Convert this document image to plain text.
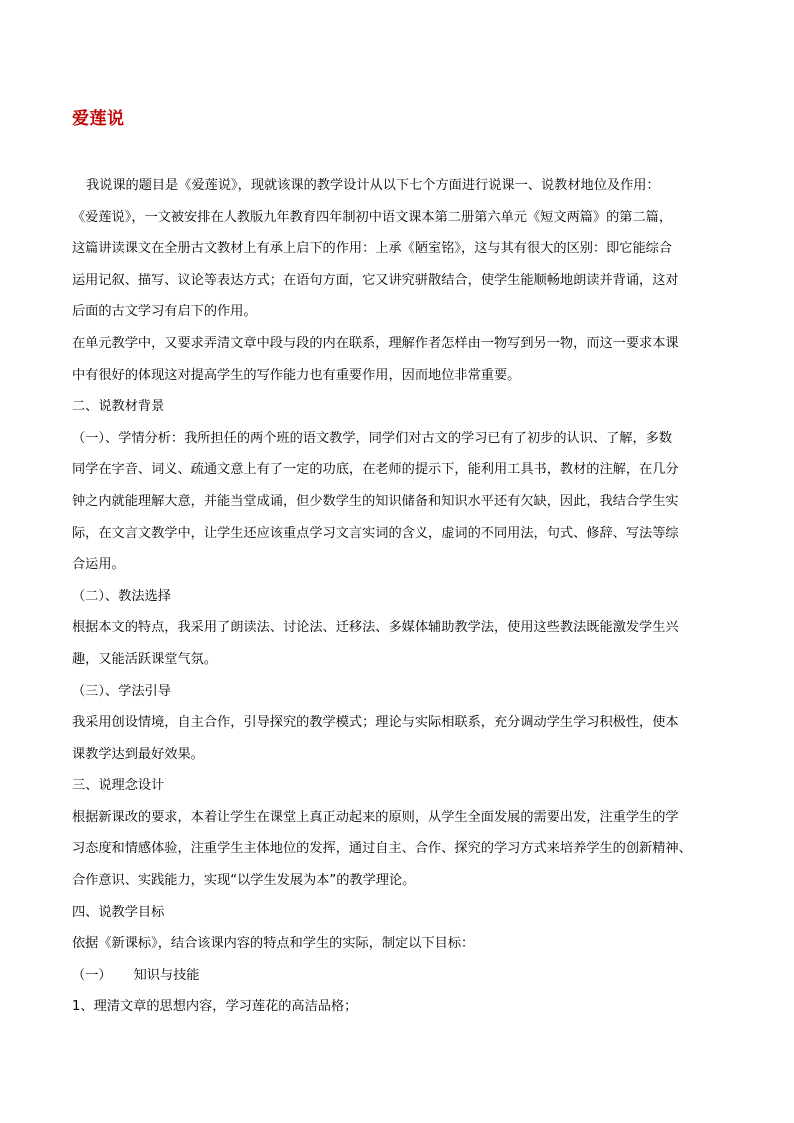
爱莲说

我说课的题目是《爱莲说》，现就该课的教学设计从以下七个方面进行说课一、说教材地位及作用：

《爱莲说》，一文被安排在人教版九年教育四年制初中语文课本第二册第六单元《短文两篇》的第二篇，

这篇讲读课文在全册古文教材上有承上启下的作用：上承《陋室铭》，这与其有很大的区别：即它能综合

运用记叙、描写、议论等表达方式；在语句方面，它又讲究骈散结合，使学生能顺畅地朗读并背诵，这对

后面的古文学习有启下的作用。

在单元教学中，又要求弄清文章中段与段的内在联系，理解作者怎样由一物写到另一物，而这一要求本课

中有很好的体现这对提高学生的写作能力也有重要作用，因而地位非常重要。

二、说教材背景

（一）、学情分析：我所担任的两个班的语文教学，同学们对古文的学习已有了初步的认识、了解，多数

同学在字音、词义、疏通文意上有了一定的功底，在老师的提示下，能利用工具书，教材的注解，在几分

钟之内就能理解大意，并能当堂成诵，但少数学生的知识储备和知识水平还有欠缺，因此，我结合学生实

际，在文言文教学中，让学生还应该重点学习文言实词的含义，虚词的不同用法，句式、修辞、写法等综

合运用。

（二）、教法选择

根据本文的特点，我采用了朗读法、讨论法、迁移法、多媒体辅助教学法，使用这些教法既能激发学生兴

趣，又能活跃课堂气氛。

（三）、学法引导

我采用创设情境，自主合作，引导探究的教学模式；理论与实际相联系，充分调动学生学习积极性，使本

课教学达到最好效果。

三、说理念设计

根据新课改的要求，本着让学生在课堂上真正动起来的原则，从学生全面发展的需要出发，注重学生的学

习态度和情感体验，注重学生主体地位的发挥，通过自主、合作、探究的学习方式来培养学生的创新精神、

合作意识、实践能力，实现“以学生发展为本”的教学理论。

四、说教学目标

依据《新课标》，结合该课内容的特点和学生的实际，制定以下目标：

（一） 知识与技能

1、理清文章的思想内容，学习莲花的高洁品格；
